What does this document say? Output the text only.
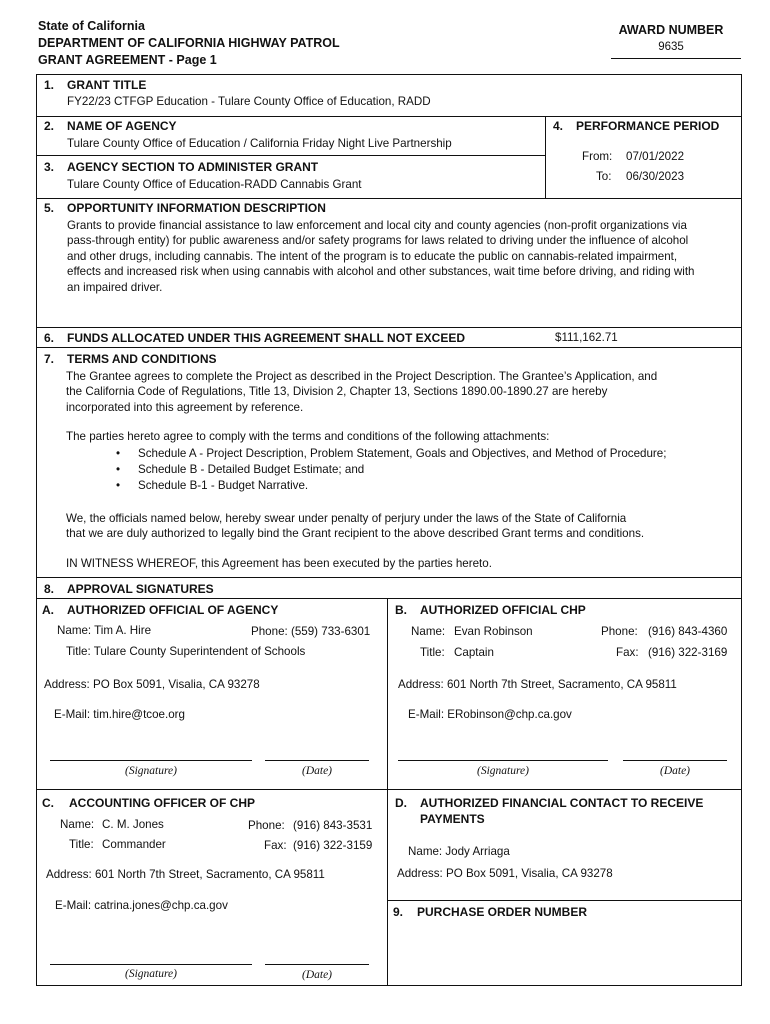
State of California
DEPARTMENT OF CALIFORNIA HIGHWAY PATROL
GRANT AGREEMENT - Page 1
AWARD NUMBER
9635
1. GRANT TITLE
FY22/23 CTFGP Education - Tulare County Office of Education, RADD
2. NAME OF AGENCY
Tulare County Office of Education / California Friday Night Live Partnership
3. AGENCY SECTION TO ADMINISTER GRANT
Tulare County Office of Education-RADD Cannabis Grant
4. PERFORMANCE PERIOD
From: 07/01/2022
To: 06/30/2023
5. OPPORTUNITY INFORMATION DESCRIPTION
Grants to provide financial assistance to law enforcement and local city and county agencies (non-profit organizations via
pass-through entity) for public awareness and/or safety programs for laws related to driving under the influence of alcohol
and other drugs, including cannabis. The intent of the program is to educate the public on cannabis-related impairment,
effects and increased risk when using cannabis with alcohol and other substances, wait time before driving, and riding with
an impaired driver.
6. FUNDS ALLOCATED UNDER THIS AGREEMENT SHALL NOT EXCEED	$111,162.71
7. TERMS AND CONDITIONS
The Grantee agrees to complete the Project as described in the Project Description. The Grantee’s Application, and
the California Code of Regulations, Title 13, Division 2, Chapter 13, Sections 1890.00-1890.27 are hereby
incorporated into this agreement by reference.
The parties hereto agree to comply with the terms and conditions of the following attachments:
• Schedule A - Project Description, Problem Statement, Goals and Objectives, and Method of Procedure;
• Schedule B - Detailed Budget Estimate; and
• Schedule B-1 - Budget Narrative.
We, the officials named below, hereby swear under penalty of perjury under the laws of the State of California
that we are duly authorized to legally bind the Grant recipient to the above described Grant terms and conditions.
IN WITNESS WHEREOF, this Agreement has been executed by the parties hereto.
8. APPROVAL SIGNATURES
A. AUTHORIZED OFFICIAL OF AGENCY
Name: Tim A. Hire	Phone: (559) 733-6301
Title: Tulare County Superintendent of Schools
Address: PO Box 5091, Visalia, CA 93278
E-Mail: tim.hire@tcoe.org
(Signature)	(Date)
B. AUTHORIZED OFFICIAL CHP
Name: Evan Robinson	Phone: (916) 843-4360
Title: Captain	Fax: (916) 322-3169
Address: 601 North 7th Street, Sacramento, CA 95811
E-Mail: ERobinson@chp.ca.gov
(Signature)	(Date)
C. ACCOUNTING OFFICER OF CHP
Name: C. M. Jones	Phone: (916) 843-3531
Title: Commander	Fax: (916) 322-3159
Address: 601 North 7th Street, Sacramento, CA 95811
E-Mail: catrina.jones@chp.ca.gov
(Signature)	(Date)
D. AUTHORIZED FINANCIAL CONTACT TO RECEIVE
PAYMENTS
Name: Jody Arriaga
Address: PO Box 5091, Visalia, CA 93278
9. PURCHASE ORDER NUMBER
